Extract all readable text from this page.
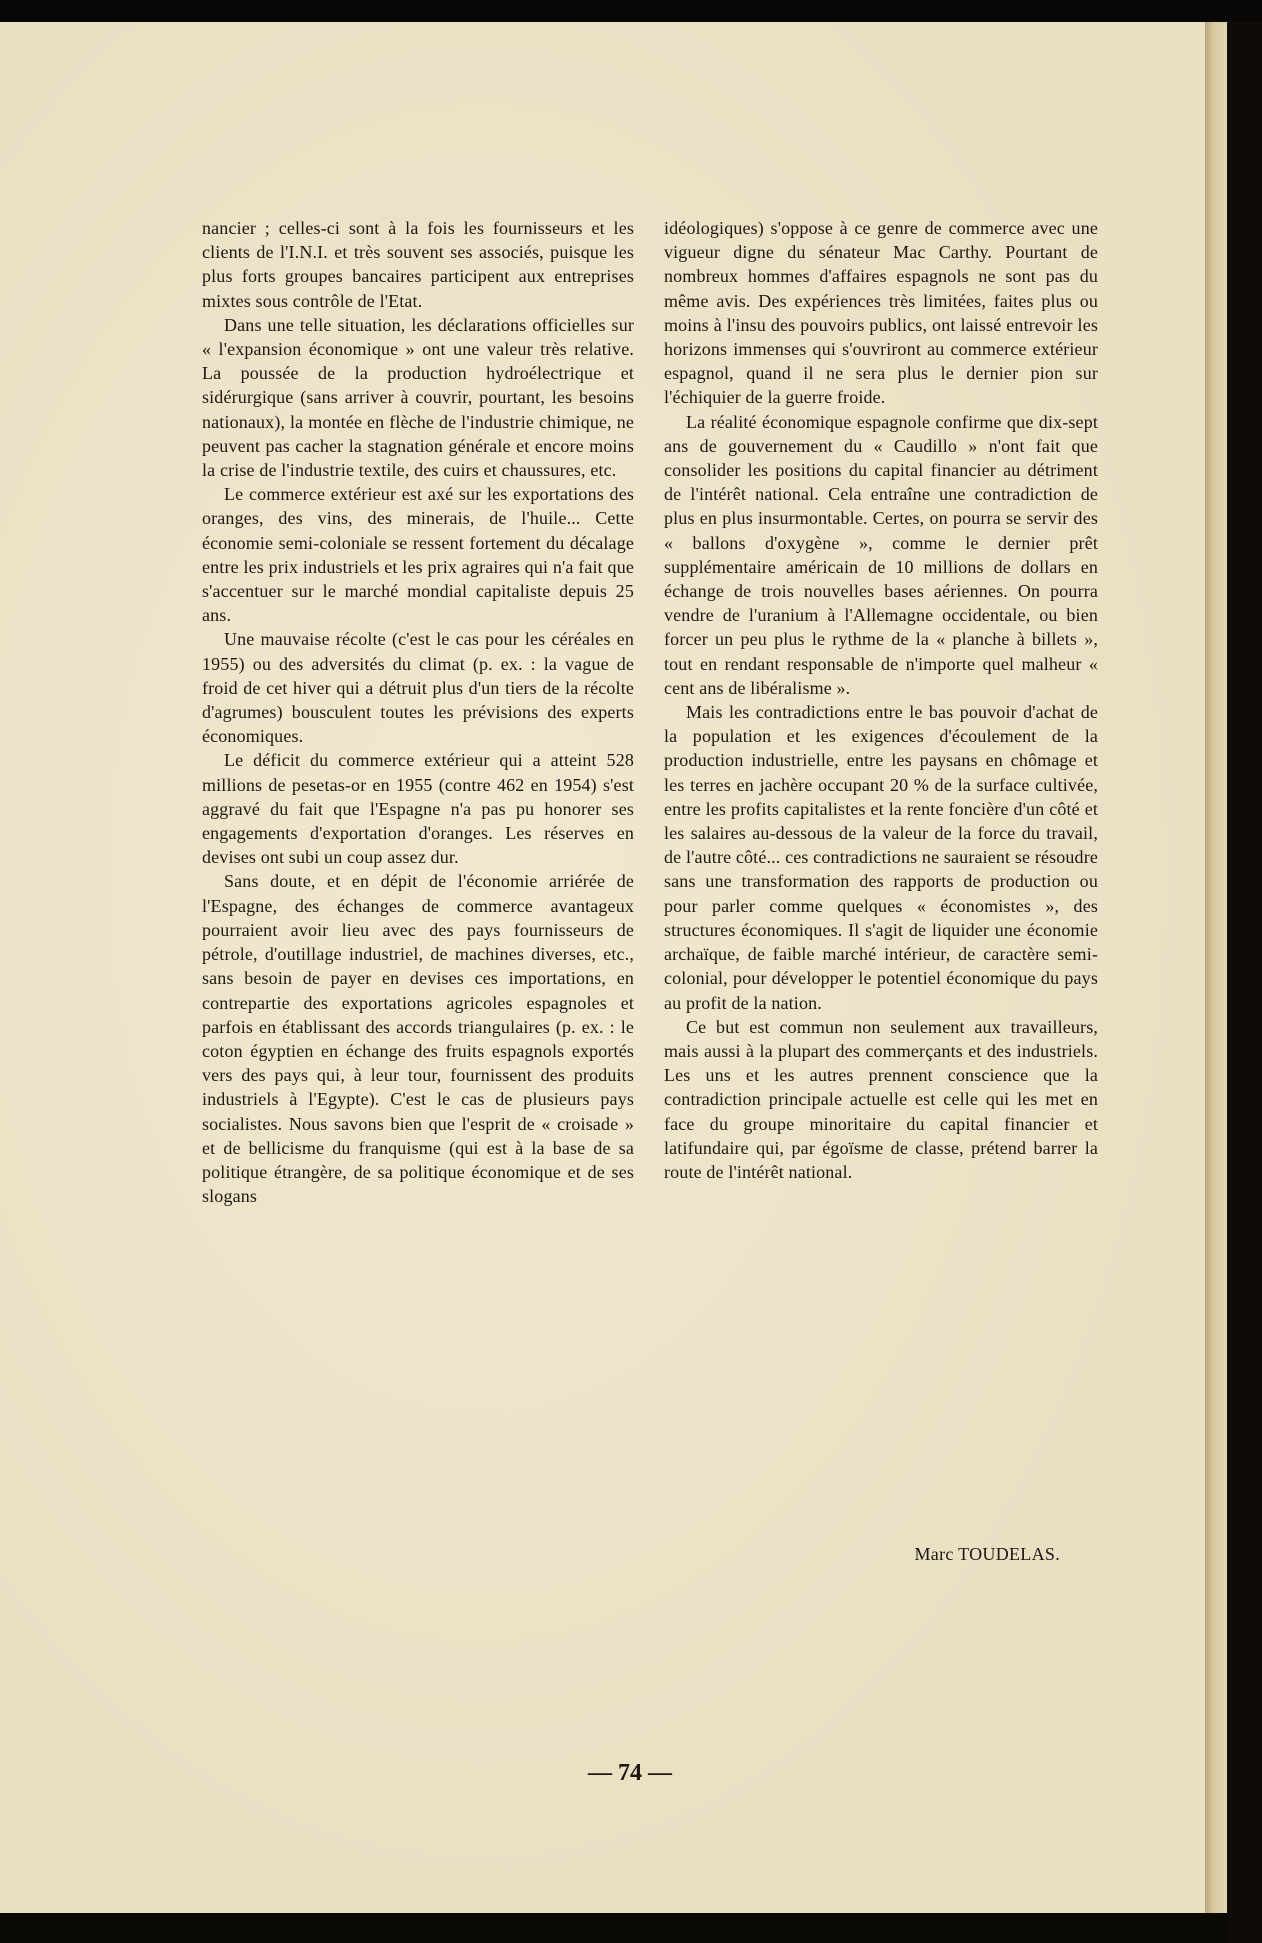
nancier ; celles-ci sont à la fois les fournisseurs et les clients de l'I.N.I. et très souvent ses associés, puisque les plus forts groupes bancaires participent aux entreprises mixtes sous contrôle de l'Etat.

Dans une telle situation, les déclarations officielles sur « l'expansion économique » ont une valeur très relative. La poussée de la production hydroélectrique et sidérurgique (sans arriver à couvrir, pourtant, les besoins nationaux), la montée en flèche de l'industrie chimique, ne peuvent pas cacher la stagnation générale et encore moins la crise de l'industrie textile, des cuirs et chaussures, etc.

Le commerce extérieur est axé sur les exportations des oranges, des vins, des minerais, de l'huile... Cette économie semi-coloniale se ressent fortement du décalage entre les prix industriels et les prix agraires qui n'a fait que s'accentuer sur le marché mondial capitaliste depuis 25 ans.

Une mauvaise récolte (c'est le cas pour les céréales en 1955) ou des adversités du climat (p. ex. : la vague de froid de cet hiver qui a détruit plus d'un tiers de la récolte d'agrumes) bousculent toutes les prévisions des experts économiques.

Le déficit du commerce extérieur qui a atteint 528 millions de pesetas-or en 1955 (contre 462 en 1954) s'est aggravé du fait que l'Espagne n'a pas pu honorer ses engagements d'exportation d'oranges. Les réserves en devises ont subi un coup assez dur.

Sans doute, et en dépit de l'économie arriérée de l'Espagne, des échanges de commerce avantageux pourraient avoir lieu avec des pays fournisseurs de pétrole, d'outillage industriel, de machines diverses, etc., sans besoin de payer en devises ces importations, en contrepartie des exportations agricoles espagnoles et parfois en établissant des accords triangulaires (p. ex. : le coton égyptien en échange des fruits espagnols exportés vers des pays qui, à leur tour, fournissent des produits industriels à l'Egypte). C'est le cas de plusieurs pays socialistes. Nous savons bien que l'esprit de « croisade » et de bellicisme du franquisme (qui est à la base de sa politique étrangère, de sa politique économique et de ses slogans

idéologiques) s'oppose à ce genre de commerce avec une vigueur digne du sénateur Mac Carthy. Pourtant de nombreux hommes d'affaires espagnols ne sont pas du même avis. Des expériences très limitées, faites plus ou moins à l'insu des pouvoirs publics, ont laissé entrevoir les horizons immenses qui s'ouvriront au commerce extérieur espagnol, quand il ne sera plus le dernier pion sur l'échiquier de la guerre froide.

La réalité économique espagnole confirme que dix-sept ans de gouvernement du « Caudillo » n'ont fait que consolider les positions du capital financier au détriment de l'intérêt national. Cela entraîne une contradiction de plus en plus insurmontable. Certes, on pourra se servir des « ballons d'oxygène », comme le dernier prêt supplémentaire américain de 10 millions de dollars en échange de trois nouvelles bases aériennes. On pourra vendre de l'uranium à l'Allemagne occidentale, ou bien forcer un peu plus le rythme de la « planche à billets », tout en rendant responsable de n'importe quel malheur « cent ans de libéralisme ».

Mais les contradictions entre le bas pouvoir d'achat de la population et les exigences d'écoulement de la production industrielle, entre les paysans en chômage et les terres en jachère occupant 20 % de la surface cultivée, entre les profits capitalistes et la rente foncière d'un côté et les salaires au-dessous de la valeur de la force du travail, de l'autre côté... ces contradictions ne sauraient se résoudre sans une transformation des rapports de production ou pour parler comme quelques « économistes », des structures économiques. Il s'agit de liquider une économie archaïque, de faible marché intérieur, de caractère semi-colonial, pour développer le potentiel économique du pays au profit de la nation.

Ce but est commun non seulement aux travailleurs, mais aussi à la plupart des commerçants et des industriels. Les uns et les autres prennent conscience que la contradiction principale actuelle est celle qui les met en face du groupe minoritaire du capital financier et latifundaire qui, par égoïsme de classe, prétend barrer la route de l'intérêt national.

Marc TOUDELAS.
— 74 —
